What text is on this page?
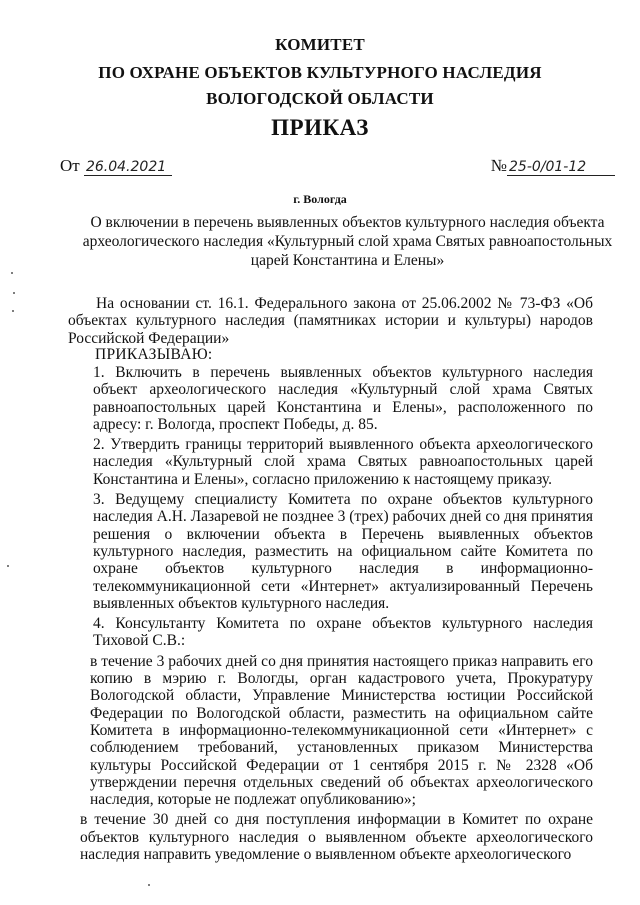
КОМИТЕТ
ПО ОХРАНЕ ОБЪЕКТОВ КУЛЬТУРНОГО НАСЛЕДИЯ
ВОЛОГОДСКОЙ ОБЛАСТИ
ПРИКАЗ
От 26.04.2021	№ 25-0/01-12
г. Вологда
О включении в перечень выявленных объектов культурного наследия объекта археологического наследия «Культурный слой храма Святых равноапостольных царей Константина и Елены»
На основании ст. 16.1. Федерального закона от 25.06.2002 № 73-ФЗ «Об объектах культурного наследия (памятниках истории и культуры) народов Российской Федерации»
ПРИКАЗЫВАЮ:

1. Включить в перечень выявленных объектов культурного наследия объект археологического наследия «Культурный слой храма Святых равноапостольных царей Константина и Елены», расположенного по адресу: г. Вологда, проспект Победы, д. 85.

2. Утвердить границы территорий выявленного объекта археологического наследия «Культурный слой храма Святых равноапостольных царей Константина и Елены», согласно приложению к настоящему приказу.

3. Ведущему специалисту Комитета по охране объектов культурного наследия А.Н. Лазаревой не позднее 3 (трех) рабочих дней со дня принятия решения о включении объекта в Перечень выявленных объектов культурного наследия, разместить на официальном сайте Комитета по охране объектов культурного наследия в информационно-телекоммуникационной сети «Интернет» актуализированный Перечень выявленных объектов культурного наследия.

4. Консультанту Комитета по охране объектов культурного наследия Тиховой С.В.:

в течение 3 рабочих дней со дня принятия настоящего приказ направить его копию в мэрию г. Вологды, орган кадастрового учета, Прокуратуру Вологодской области, Управление Министерства юстиции Российской Федерации по Вологодской области, разместить на официальном сайте Комитета в информационно-телекоммуникационной сети «Интернет» с соблюдением требований, установленных приказом Министерства культуры Российской Федерации от 1 сентября 2015 г. № 2328 «Об утверждении перечня отдельных сведений об объектах археологического наследия, которые не подлежат опубликованию»;

в течение 30 дней со дня поступления информации в Комитет по охране объектов культурного наследия о выявленном объекте археологического наследия направить уведомление о выявленном объекте археологического
